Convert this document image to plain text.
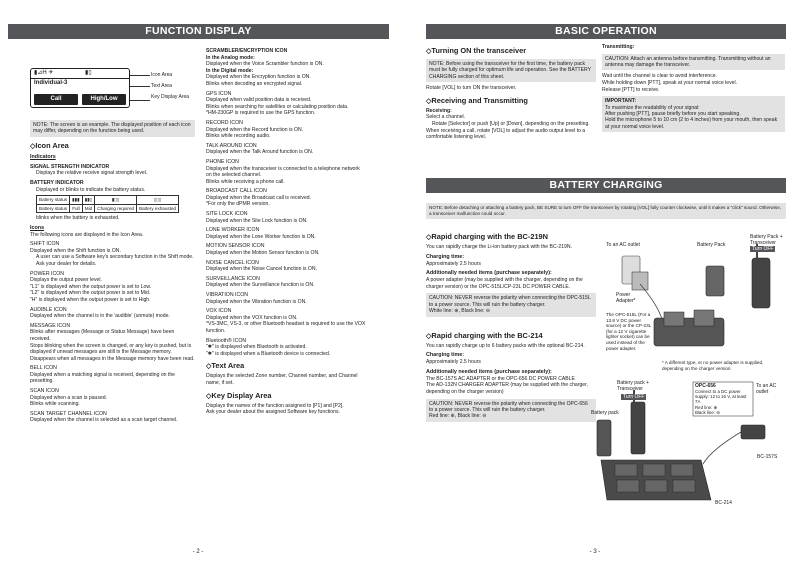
FUNCTION DISPLAY
▮⊿H ✈                   ▮▯
Individual-3
Call	High/Low
Icon Area
Text Area
Key Display Area
NOTE: The screen is an example. The displayed position of each icon may differ, depending on the function being used.
◇ Icon Area
Indicators
SIGNAL STRENGTH INDICATOR
Displays the relative receive signal strength level.
BATTERY INDICATOR
Displayed or blinks to indicate the battery status.
Battery status	▮▮▮	▮▮▯	▮▯▯	▯▯▯
Battery status	Full	Mid	Charging required	Battery exhausted
blinks when the battery is exhausted.
Icons
The following icons are displayed in the Icon Area.
SHIFT ICON
Displayed when the Shift function is ON.
A user can use a Software key's secondary function in the Shift mode. Ask your dealer for details.
POWER ICON
Displays the output power level.
"L1" is displayed when the output power is set to Low.
"L2" is displayed when the output power is set to Mid.
"H" is displayed when the output power is set to High.
AUDIBLE ICON
Displayed when the channel is in the 'audible' (unmute) mode.
MESSAGE ICON
Blinks after messages (Message or Status Message) have been received.
Stops blinking when the screen is changed, or any key is pushed, but is displayed if unread messages are still in the Message memory.
Disappears when all messages in the Message memory have been read.
BELL ICON
Displayed when a matching signal is received, depending on the presetting.
SCAN ICON
Displayed when a scan is paused.
Blinks while scanning.
SCAN TARGET CHANNEL ICON
Displayed when the channel is selected as a scan target channel.
SCRAMBLER/ENCRYPTION ICON
In the Analog mode:
Displayed when the Voice Scrambler function is ON.
In the Digital mode:
Displayed when the Encryption function is ON.
Blinks when decoding an encrypted signal.
GPS ICON
Displayed when valid position data is received.
Blinks when searching for satellites or calculating position data.
*HM-230GP is required to use the GPS function.
RECORD ICON
Displayed when the Record function is ON.
Blinks while recording audio.
TALK AROUND ICON
Displayed when the Talk Around function is ON.
PHONE ICON
Displayed when the transceiver is connected to a telephone network on the selected channel.
Blinks while receiving a phone call.
BROADCAST CALL ICON
Displayed when the Broadcast call is received.
*For only the dPMR version.
SITE LOCK ICON
Displayed when the Site Lock function is ON.
LONE WORKER ICON
Displayed when the Lone Worker function is ON.
MOTION SENSOR ICON
Displayed when the Motion Sensor function is ON.
NOISE CANCEL ICON
Displayed when the Noise Cancel function is ON.
SURVEILLANCE ICON
Displayed when the Surveillance function is ON.
VIBRATION ICON
Displayed when the Vibration function is ON.
VOX ICON
Displayed when the VOX function is ON.
*VS-3MC, VS-3, or other Bluetooth headset is required to use the VOX function.
Bluetooth® ICON
"✱" is displayed when Bluetooth is activated.
"✱" is displayed when a Bluetooth device is connected.
◇ Text Area
Displays the selected Zone number, Channel number, and Channel name, if set.
◇ Key Display Area
Displays the names of the function assigned to [P1] and [P2].
Ask your dealer about the assigned Software key functions.
- 2 -
BASIC OPERATION
◇ Turning ON the transceiver
NOTE: Before using the transceiver for the first time, the battery pack must be fully charged for optimum life and operation. See the BATTERY CHARGING section of this sheet.
Rotate [VOL] to turn ON the transceiver.
◇ Receiving and Transmitting
Receiving:
Select a channel.
Rotate [Selector] or push [Up] or [Down], depending on the presetting.
When receiving a call, rotate [VOL] to adjust the audio output level to a comfortable listening level.
Transmitting:
CAUTION: Attach an antenna before transmitting. Transmitting without an antenna may damage the transceiver.
Wait until the channel is clear to avoid interference.
While holding down [PTT], speak at your normal voice level.
Release [PTT] to receive.
IMPORTANT:
To maximize the readability of your signal:
After pushing [PTT], pause briefly before you start speaking.
Hold the microphone 5 to 10 cm (2 to 4 inches) from your mouth, then speak at your normal voice level.
BATTERY CHARGING
NOTE: Before detaching or attaching a battery pack, BE SURE to turn OFF the transceiver by rotating [VOL] fully counter clockwise, until it makes a "click" sound. Otherwise, a transceiver malfunction could occur.
◇ Rapid charging with the BC-219N
You can rapidly charge the Li-ion battery pack with the BC-219N.
Charging time:
Approximately 2.5 hours
Additionally needed items (purchase separately):
A power adapter (may be supplied with the charger, depending on the charger version) or the OPC-515L/CP-23L DC POWER CABLE.
CAUTION: NEVER reverse the polarity when connecting the OPC-515L to a power source. This will ruin the battery charger.
White line: ⊕, Black line: ⊖
◇ Rapid charging with the BC-214
You can rapidly charge up to 6 battery packs with the optional BC-214.
Charging time:
Approximately 2.5 hours
Additionally needed items (purchase separately):
The BC-157S AC ADAPTER or the OPC-656 DC POWER CABLE
The AD-132N CHARGER ADAPTER (may be supplied with the charger, depending on the charger version)
CAUTION: NEVER reverse the polarity when connecting the OPC-656 to a power source. This will ruin the battery charger.
Red line: ⊕, Black line: ⊖
To an AC outlet	Battery Pack
Battery Pack + Transceiver
Turn OFF
Power Adapter*
The OPC-515L (For a 13.8 V DC power source) or the CP-23L (for a 12 V cigarette lighter socket) can be used instead of the power adapter.
* A different type, or no power adapter is supplied, depending on the charger version.
Battery pack + Transceiver
Turn OFF
Battery pack
OPC-656
Connect to a DC power supply: 12 to 16 V, at least 7A
Red line: ⊕
Black line: ⊖
To an AC outlet
BC-157S
BC-214
- 3 -
